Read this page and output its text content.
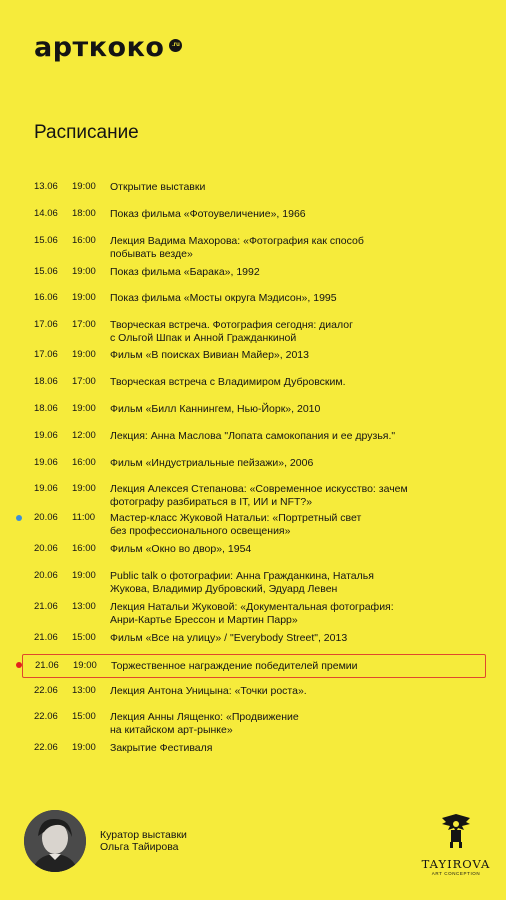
арткоко	.ru
Расписание
13.06	19:00	Открытие выставки
14.06	18:00	Показ фильма «Фотоувеличение», 1966
15.06	16:00	Лекция Вадима Махорова: «Фотография как способ
побывать везде»
15.06	19:00	Показ фильма «Барака», 1992
16.06	19:00	Показ фильма «Мосты округа Мэдисон», 1995
17.06	17:00	Творческая встреча. Фотография сегодня: диалог
с Ольгой Шпак и Анной Гражданкиной
17.06	19:00	Фильм «В поисках Вивиан Майер», 2013
18.06	17:00	Творческая встреча с Владимиром Дубровским.
18.06	19:00	Фильм «Билл Каннингем, Нью-Йорк», 2010
19.06	12:00	Лекция: Анна Маслова "Лопата самокопания и ее друзья."
19.06	16:00	Фильм «Индустриальные пейзажи», 2006
19.06	19:00	Лекция Алексея Степанова: «Современное искусство: зачем
фотографу разбираться в IT, ИИ и NFT?»
20.06	11:00	Мастер-класс Жуковой Натальи: «Портретный свет
без профессионального освещения»
20.06	16:00	Фильм «Окно во двор», 1954
20.06	19:00	Public talk о фотографии: Анна Гражданкина, Наталья
Жукова, Владимир Дубровский, Эдуард Левен
21.06	13:00	Лекция Натальи Жуковой: «Документальная фотография:
Анри-Картье Брессон и Мартин Парр»
21.06	15:00	Фильм «Все на улицу» / "Everybody Street", 2013
21.06	19:00	Торжественное награждение победителей премии
22.06	13:00	Лекция Антона Уницына: «Точки роста».
22.06	15:00	Лекция Анны Лященко: «Продвижение
на китайском арт-рынке»
22.06	19:00	Закрытие Фестиваля
Куратор выставки
Ольга Тайирова
TAYIROVA
ART CONCEPTION
